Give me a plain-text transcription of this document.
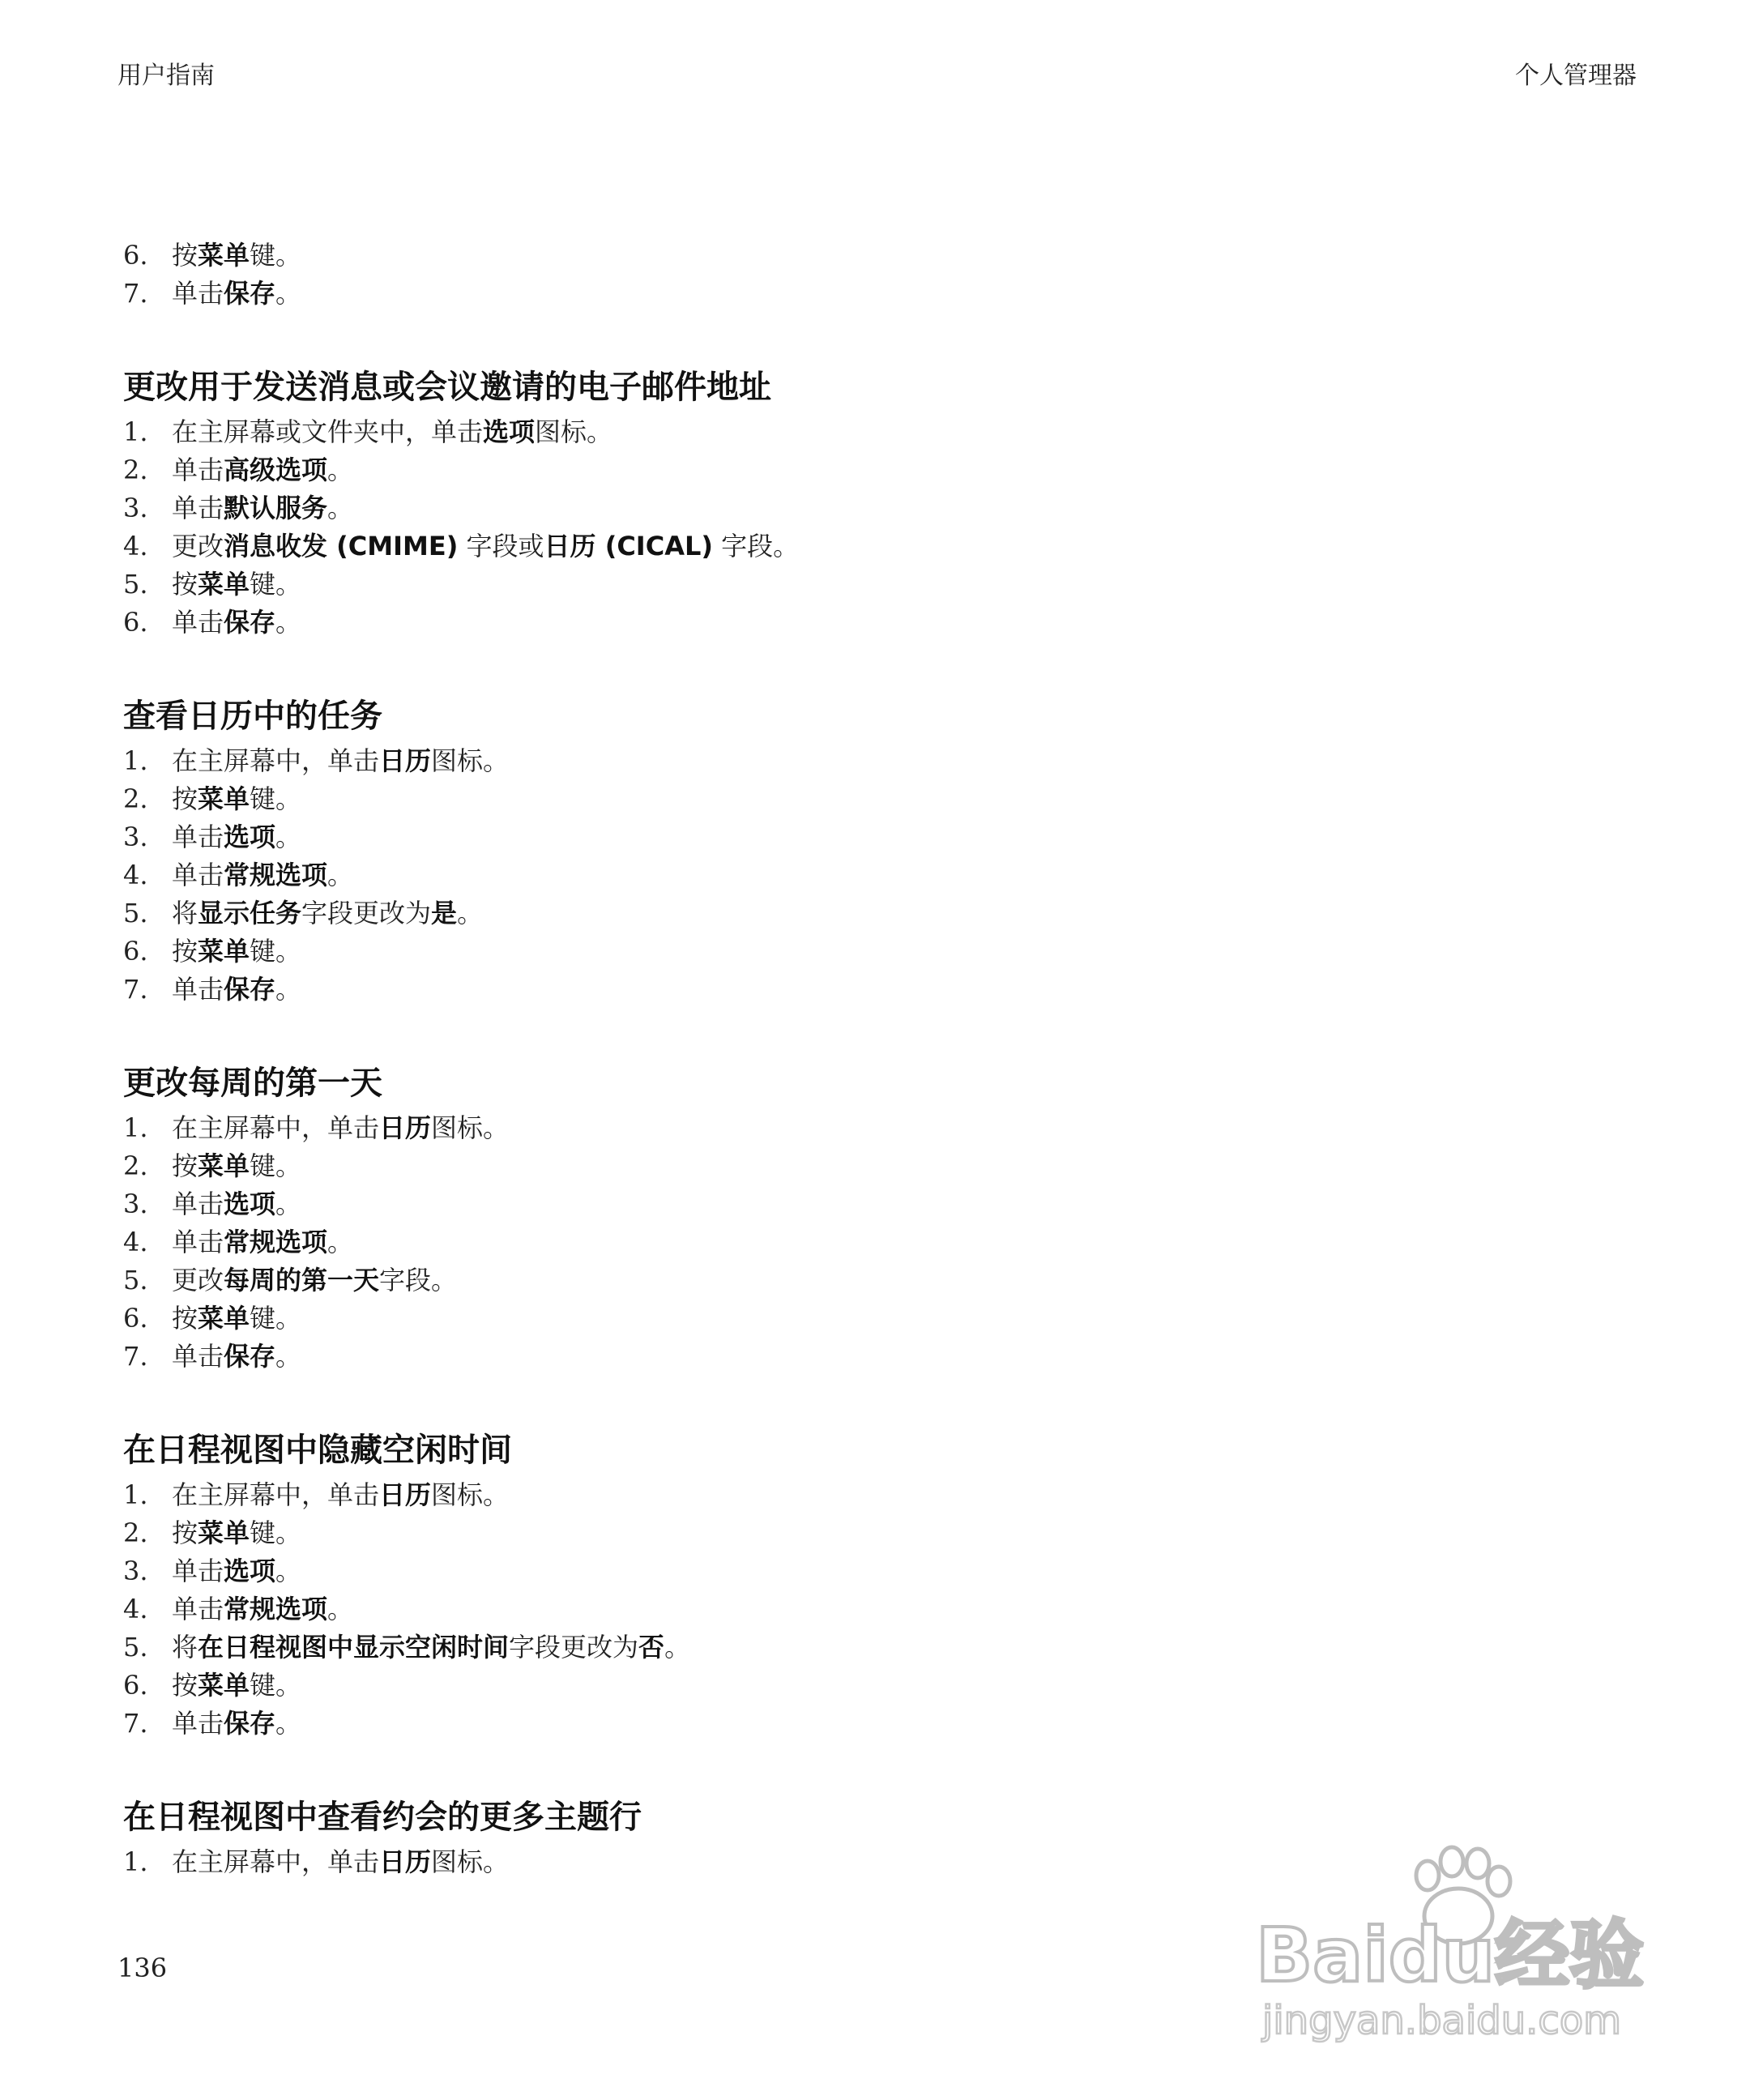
用户指南	个人管理器
6. 按菜单键。
7. 单击保存。
更改用于发送消息或会议邀请的电子邮件地址
1. 在主屏幕或文件夹中，单击选项图标。
2. 单击高级选项。
3. 单击默认服务。
4. 更改消息收发 (CMIME) 字段或日历 (CICAL) 字段。
5. 按菜单键。
6. 单击保存。
查看日历中的任务
1. 在主屏幕中，单击日历图标。
2. 按菜单键。
3. 单击选项。
4. 单击常规选项。
5. 将显示任务字段更改为是。
6. 按菜单键。
7. 单击保存。
更改每周的第一天
1. 在主屏幕中，单击日历图标。
2. 按菜单键。
3. 单击选项。
4. 单击常规选项。
5. 更改每周的第一天字段。
6. 按菜单键。
7. 单击保存。
在日程视图中隐藏空闲时间
1. 在主屏幕中，单击日历图标。
2. 按菜单键。
3. 单击选项。
4. 单击常规选项。
5. 将在日程视图中显示空闲时间字段更改为否。
6. 按菜单键。
7. 单击保存。
在日程视图中查看约会的更多主题行
1. 在主屏幕中，单击日历图标。
136	Baidu经验
jingyan.baidu.com
